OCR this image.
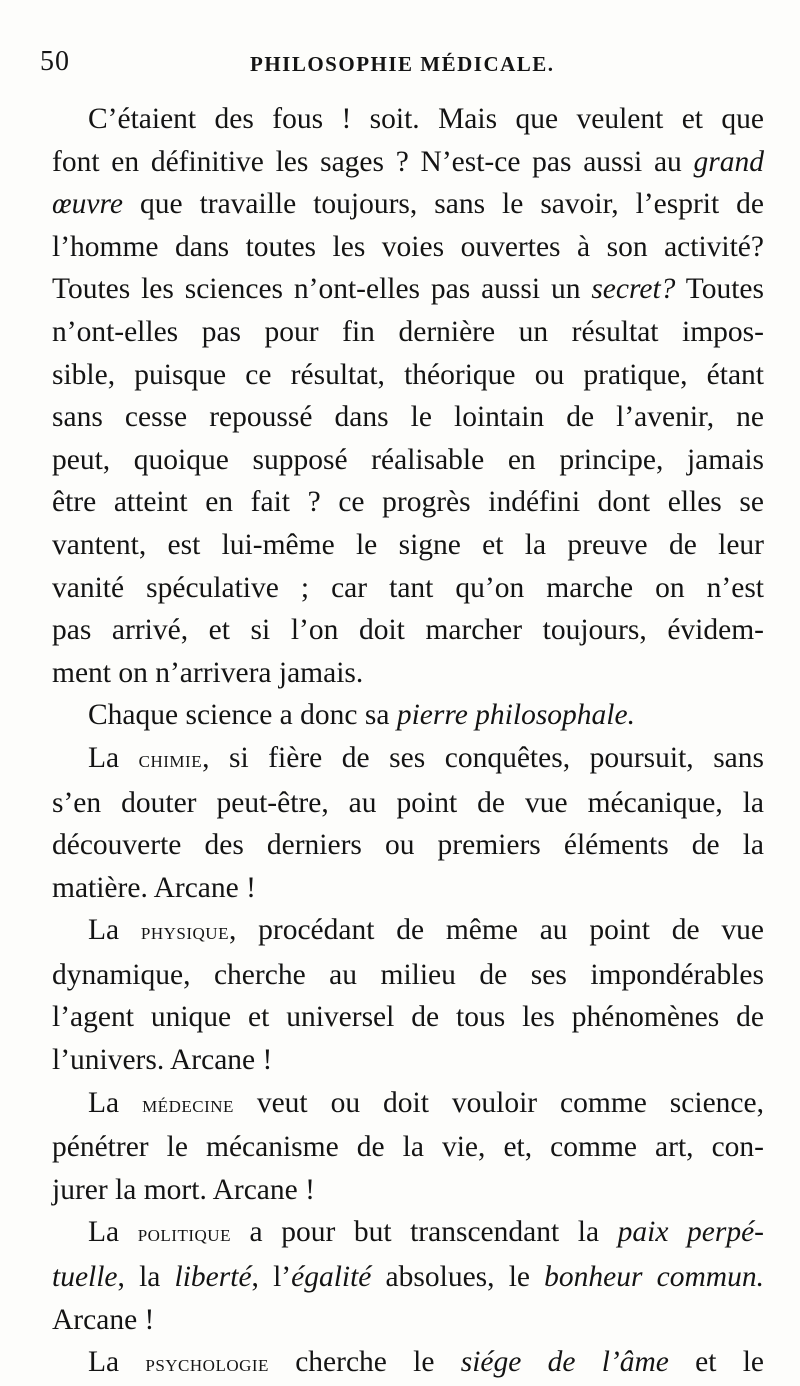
50	PHILOSOPHIE MÉDICALE.
C’étaient des fous ! soit. Mais que veulent et que
font en définitive les sages ? N’est-ce pas aussi au grand
œuvre que travaille toujours, sans le savoir, l’esprit de
l’homme dans toutes les voies ouvertes à son activité?
Toutes les sciences n’ont-elles pas aussi un secret? Toutes
n’ont-elles pas pour fin dernière un résultat impos-
sible, puisque ce résultat, théorique ou pratique, étant
sans cesse repoussé dans le lointain de l’avenir, ne
peut, quoique supposé réalisable en principe, jamais
être atteint en fait ? ce progrès indéfini dont elles se
vantent, est lui-même le signe et la preuve de leur
vanité spéculative ; car tant qu’on marche on n’est
pas arrivé, et si l’on doit marcher toujours, évidem-
ment on n’arrivera jamais.
Chaque science a donc sa pierre philosophale.
La chimie, si fière de ses conquêtes, poursuit, sans
s’en douter peut-être, au point de vue mécanique, la
découverte des derniers ou premiers éléments de la
matière. Arcane !
La physique, procédant de même au point de vue
dynamique, cherche au milieu de ses impondérables
l’agent unique et universel de tous les phénomènes de
l’univers. Arcane !
La médecine veut ou doit vouloir comme science,
pénétrer le mécanisme de la vie, et, comme art, con-
jurer la mort. Arcane !
La politique a pour but transcendant la paix perpé-
tuelle, la liberté, l’égalité absolues, le bonheur commun.
Arcane !
La psychologie cherche le siége de l’âme et le
